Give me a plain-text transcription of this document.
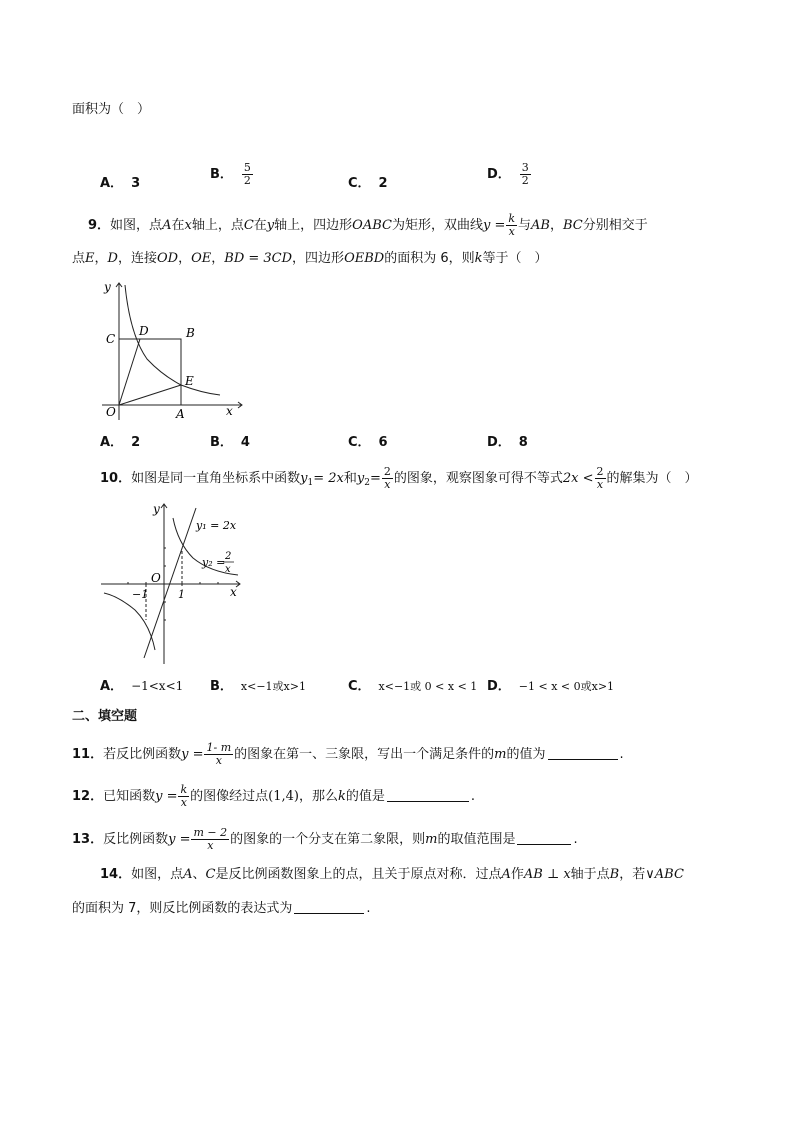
面积为（　）
A． 3
B． $\frac{5}{2}$	C． 2
D． $\frac{3}{2}$
9．如图，点A在x轴上，点C在y轴上，四边形OABC为矩形，双曲线$y = \frac{k}{x}$ 与AB，BC分别相交于
点E，D，连接OD，OE，BD = 3CD，四边形OEBD的面积为 6，则k等于（　）
y
x
O	A
B
C
D
E
A． 2	B． 4	C． 6	D． 8
10．如图是同一直角坐标系中函数$y_1= 2x$和$y_2= \frac{2}{x}$ 的图象，观察图象可得不等式$2x < \frac{2}{x}$ 的解集为（　）
y
x
O
−1	1
y₁ = 2x
y₂ = 2
x
A． −1<x<1 B． x<−1或x>1	C． x<−1或 0 < x < 1 D． −1 < x < 0或x>1
二、填空题
11．若反比例函数$y = \frac{1- m}{x}$ 的图象在第一、三象限，写出一个满足条件的m的值为	.
12．已知函数$y = \frac{k}{x}$ 的图像经过点(1,4)，那么k的值是	.
13．反比例函数$y = \frac{m - 2}{x}$ 的图象的一个分支在第二象限，则m的取值范围是	.
14．如图，点A、C是反比例函数图象上的点，且关于原点对称．过点A作AB ⊥ x轴于点B，若∨ABC
的面积为 7，则反比例函数的表达式为	.
